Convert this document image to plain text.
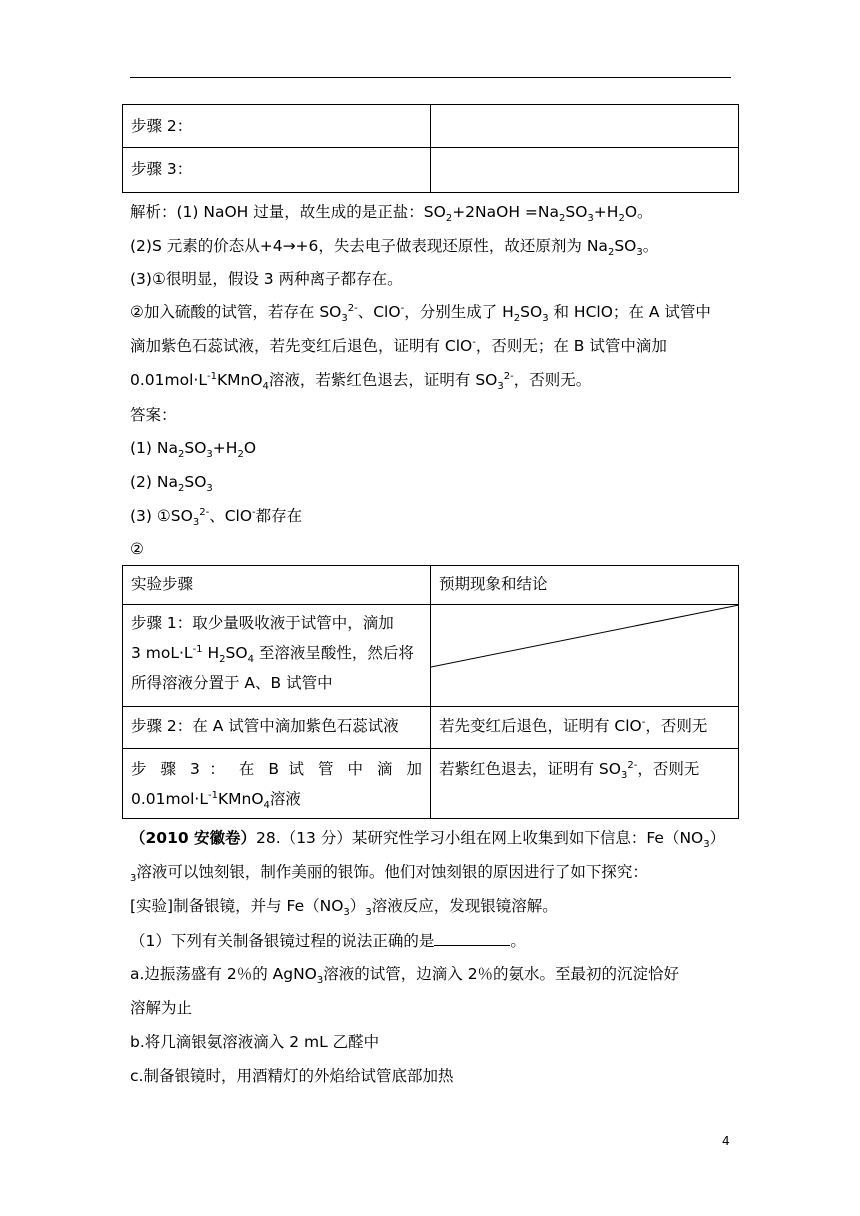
步骤 2：	
步骤 3：	
解析：(1) NaOH 过量，故生成的是正盐：$SO_2+2NaOH =Na_2SO_3+H_2O$。
(2)S 元素的价态从+4→+6，失去电子做表现还原性，故还原剂为 $Na_2SO_3$。
(3)①很明显，假设 3 两种离子都存在。
②加入硫酸的试管，若存在 $SO_3^{2-}$、ClO-，分别生成了 $H_2SO_3$ 和 HClO；在 A 试管中
滴加紫色石蕊试液，若先变红后退色，证明有 ClO-，否则无；在 B 试管中滴加
$0.01mol\cdot L^{-1}KMnO_4$溶液，若紫红色退去，证明有 $SO_3^{2-}$，否则无。
答案：
(1) $Na_2SO_3+H_2O$
(2) $Na_2SO_3$
(3) $①SO_3^{2-}$、ClO-都存在
②
实验步骤	预期现象和结论

步骤 1：取少量吸收液于试管中，滴加
3 $moL\cdot L^{-1}$ $H_2SO_4$ 至溶液呈酸性，然后将
所得溶液分置于 A、B 试管中

步骤 2：在 A 试管中滴加紫色石蕊试液	若先变红后退色，证明有 ClO-，否则无

步 骤 3 ： 在 B 试 管 中 滴 加
$0.01mol\cdot L^{-1}KMnO_4$溶液	若紫红色退去，证明有 $SO_3^{2-}$，否则无
（2010 安徽卷）28.（13 分）某研究性学习小组在网上收集到如下信息：$Fe(NO_3)$
$_3$溶液可以蚀刻银，制作美丽的银饰。他们对蚀刻银的原因进行了如下探究：
[实验]制备银镜，并与 $Fe(NO_3)_3$溶液反应，发现银镜溶解。
（1）下列有关制备银镜过程的说法正确的是	。
a.边振荡盛有 2％的 AgNO$_3$溶液的试管，边滴入 2％的氨水。至最初的沉淀恰好
溶解为止
b.将几滴银氨溶液滴入 2 mL 乙醛中
c.制备银镜时，用酒精灯的外焰给试管底部加热
4
